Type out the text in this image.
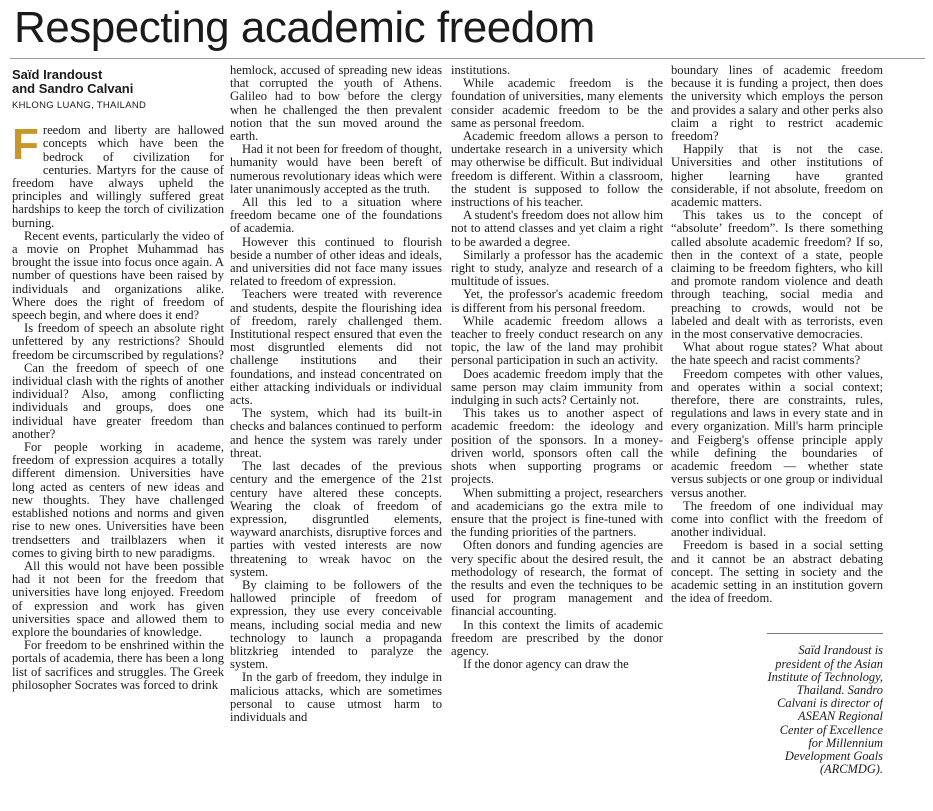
Respecting academic freedom
Saïd Irandoust
and Sandro Calvani
KHLONG LUANG, THAILAND

Freedom and liberty are hallowed concepts which have been the bedrock of civilization for centuries. Martyrs for the cause of freedom have always upheld the principles and willingly suffered great hardships to keep the torch of civilization burning.

Recent events, particularly the video of a movie on Prophet Muhammad has brought the issue into focus once again. A number of questions have been raised by individuals and organizations alike. Where does the right of freedom of speech begin, and where does it end?

Is freedom of speech an absolute right unfettered by any restrictions? Should freedom be circumscribed by regulations?

Can the freedom of speech of one individual clash with the rights of another individual? Also, among conflicting individuals and groups, does one individual have greater freedom than another?

For people working in academe, freedom of expression acquires a totally different dimension. Universities have long acted as centers of new ideas and new thoughts. They have challenged established notions and norms and given rise to new ones. Universities have been trendsetters and trailblazers when it comes to giving birth to new paradigms.

All this would not have been possible had it not been for the freedom that universities have long enjoyed. Freedom of expression and work has given universities space and allowed them to explore the boundaries of knowledge.

For freedom to be enshrined within the portals of academia, there has been a long list of sacrifices and struggles. The Greek philosopher Socrates was forced to drink

hemlock, accused of spreading new ideas that corrupted the youth of Athens. Galileo had to bow before the clergy when he challenged the then prevalent notion that the sun moved around the earth.

Had it not been for freedom of thought, humanity would have been bereft of numerous revolutionary ideas which were later unanimously accepted as the truth.

All this led to a situation where freedom became one of the foundations of academia.

However this continued to flourish beside a number of other ideas and ideals, and universities did not face many issues related to freedom of expression.

Teachers were treated with reverence and students, despite the flourishing idea of freedom, rarely challenged them. Institutional respect ensured that even the most disgruntled elements did not challenge institutions and their foundations, and instead concentrated on either attacking individuals or individual acts.

The system, which had its built-in checks and balances continued to perform and hence the system was rarely under threat.

The last decades of the previous century and the emergence of the 21st century have altered these concepts. Wearing the cloak of freedom of expression, disgruntled elements, wayward anarchists, disruptive forces and parties with vested interests are now threatening to wreak havoc on the system.

By claiming to be followers of the hallowed principle of freedom of expression, they use every conceivable means, including social media and new technology to launch a propaganda blitzkrieg intended to paralyze the system.

In the garb of freedom, they indulge in malicious attacks, which are sometimes personal to cause utmost harm to individuals and

institutions.

While academic freedom is the foundation of universities, many elements consider academic freedom to be the same as personal freedom.

Academic freedom allows a person to undertake research in a university which may otherwise be difficult. But individual freedom is different. Within a classroom, the student is supposed to follow the instructions of his teacher.

A student's freedom does not allow him not to attend classes and yet claim a right to be awarded a degree.

Similarly a professor has the academic right to study, analyze and research of a multitude of issues.

Yet, the professor's academic freedom is different from his personal freedom.

While academic freedom allows a teacher to freely conduct research on any topic, the law of the land may prohibit personal participation in such an activity.

Does academic freedom imply that the same person may claim immunity from indulging in such acts? Certainly not.

This takes us to another aspect of academic freedom: the ideology and position of the sponsors. In a money-driven world, sponsors often call the shots when supporting programs or projects.

When submitting a project, researchers and academicians go the extra mile to ensure that the project is fine-tuned with the funding priorities of the partners.

Often donors and funding agencies are very specific about the desired result, the methodology of research, the format of the results and even the techniques to be used for program management and financial accounting.

In this context the limits of academic freedom are prescribed by the donor agency.

If the donor agency can draw the

boundary lines of academic freedom because it is funding a project, then does the university which employs the person and provides a salary and other perks also claim a right to restrict academic freedom?

Happily that is not the case. Universities and other institutions of higher learning have granted considerable, if not absolute, freedom on academic matters.

This takes us to the concept of “absolute’ freedom”. Is there something called absolute academic freedom? If so, then in the context of a state, people claiming to be freedom fighters, who kill and promote random violence and death through teaching, social media and preaching to crowds, would not be labeled and dealt with as terrorists, even in the most conservative democracies.

What about rogue states? What about the hate speech and racist comments?

Freedom competes with other values, and operates within a social context; therefore, there are constraints, rules, regulations and laws in every state and in every organization. Mill's harm principle and Feigberg's offense principle apply while defining the boundaries of academic freedom — whether state versus subjects or one group or individual versus another.

The freedom of one individual may come into conflict with the freedom of another individual.

Freedom is based in a social setting and it cannot be an abstract debating concept. The setting in society and the academic setting in an institution govern the idea of freedom.

Saïd Irandoust is president of the Asian Institute of Technology, Thailand. Sandro Calvani is director of ASEAN Regional Center of Excellence for Millennium Development Goals (ARCMDG).
